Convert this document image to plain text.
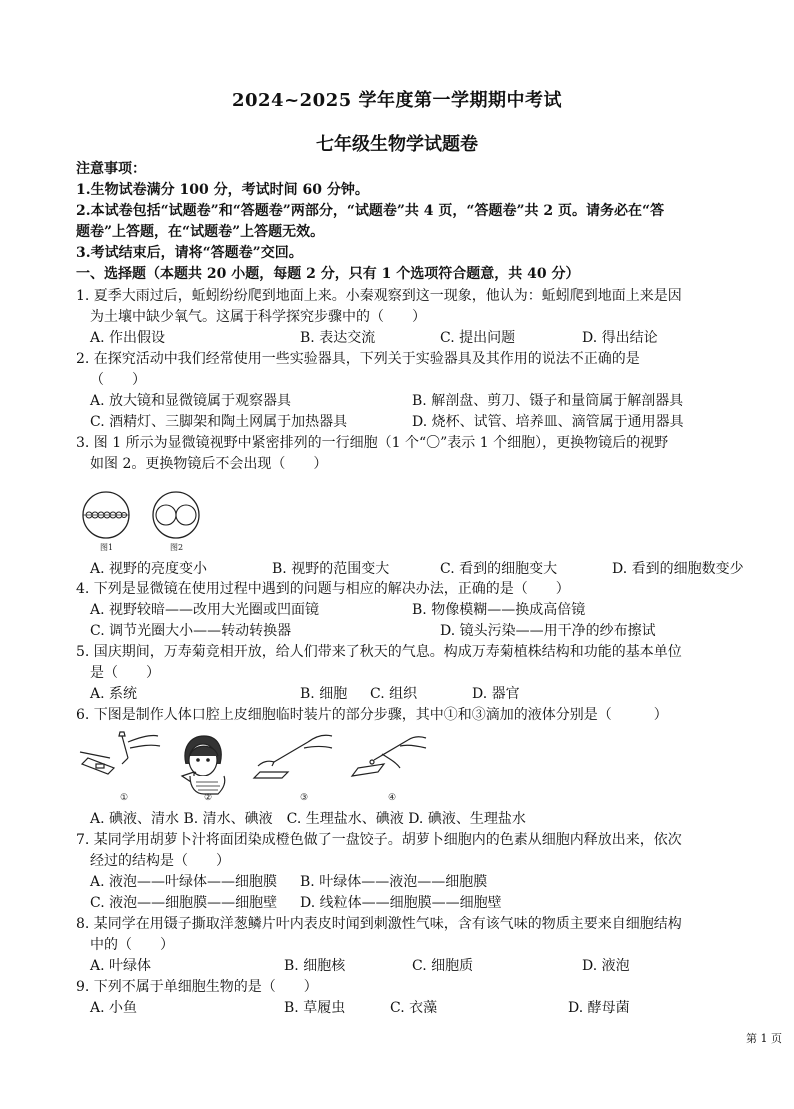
2024~2025 学年度第一学期期中考试
七年级生物学试题卷
注意事项：
1.生物试卷满分 100 分，考试时间 60 分钟。
2.本试卷包括“试题卷”和“答题卷”两部分，“试题卷”共 4 页，“答题卷”共 2 页。请务必在“答
题卷”上答题，在“试题卷”上答题无效。
3.考试结束后，请将“答题卷”交回。
一、选择题（本题共 20 小题，每题 2 分，只有 1 个选项符合题意，共 40 分）
1. 夏季大雨过后，蚯蚓纷纷爬到地面上来。小秦观察到这一现象，他认为：蚯蚓爬到地面上来是因
为土壤中缺少氧气。这属于科学探究步骤中的（　　）
A. 作出假设	B. 表达交流	C. 提出问题	D. 得出结论
2. 在探究活动中我们经常使用一些实验器具，下列关于实验器具及其作用的说法不正确的是
（　　）
A. 放大镜和显微镜属于观察器具	B. 解剖盘、剪刀、镊子和量筒属于解剖器具
C. 酒精灯、三脚架和陶土网属于加热器具	D. 烧杯、试管、培养皿、滴管属于通用器具
3. 图 1 所示为显微镜视野中紧密排列的一行细胞（1 个“〇”表示 1 个细胞），更换物镜后的视野
如图 2。更换物镜后不会出现（　　）
图1	图2
A. 视野的亮度变小	B. 视野的范围变大	C. 看到的细胞变大	D. 看到的细胞数变少
4. 下列是显微镜在使用过程中遇到的问题与相应的解决办法，正确的是（　　）
A. 视野较暗——改用大光圈或凹面镜	B. 物像模糊——换成高倍镜
C. 调节光圈大小——转动转换器	D. 镜头污染——用干净的纱布擦试
5. 国庆期间，万寿菊竞相开放，给人们带来了秋天的气息。构成万寿菊植株结构和功能的基本单位
是（　　）
A. 系统	B. 细胞 C. 组织	D. 器官
6. 下图是制作人体口腔上皮细胞临时装片的部分步骤，其中①和③滴加的液体分别是（　　　）
①	②	③	④
A. 碘液、清水 B. 清水、碘液　C. 生理盐水、碘液 D. 碘液、生理盐水
7. 某同学用胡萝卜汁将面团染成橙色做了一盘饺子。胡萝卜细胞内的色素从细胞内释放出来，依次
经过的结构是（　　）
A. 液泡——叶绿体——细胞膜 B. 叶绿体——液泡——细胞膜
C. 液泡——细胞膜——细胞壁 D. 线粒体——细胞膜——细胞壁
8. 某同学在用镊子撕取洋葱鳞片叶内表皮时闻到刺激性气味，含有该气味的物质主要来自细胞结构
中的（　　）
A. 叶绿体	B. 细胞核	C. 细胞质	D. 液泡
9. 下列不属于单细胞生物的是（　　）
A. 小鱼	B. 草履虫	C. 衣藻	D. 酵母菌
第 1 页
